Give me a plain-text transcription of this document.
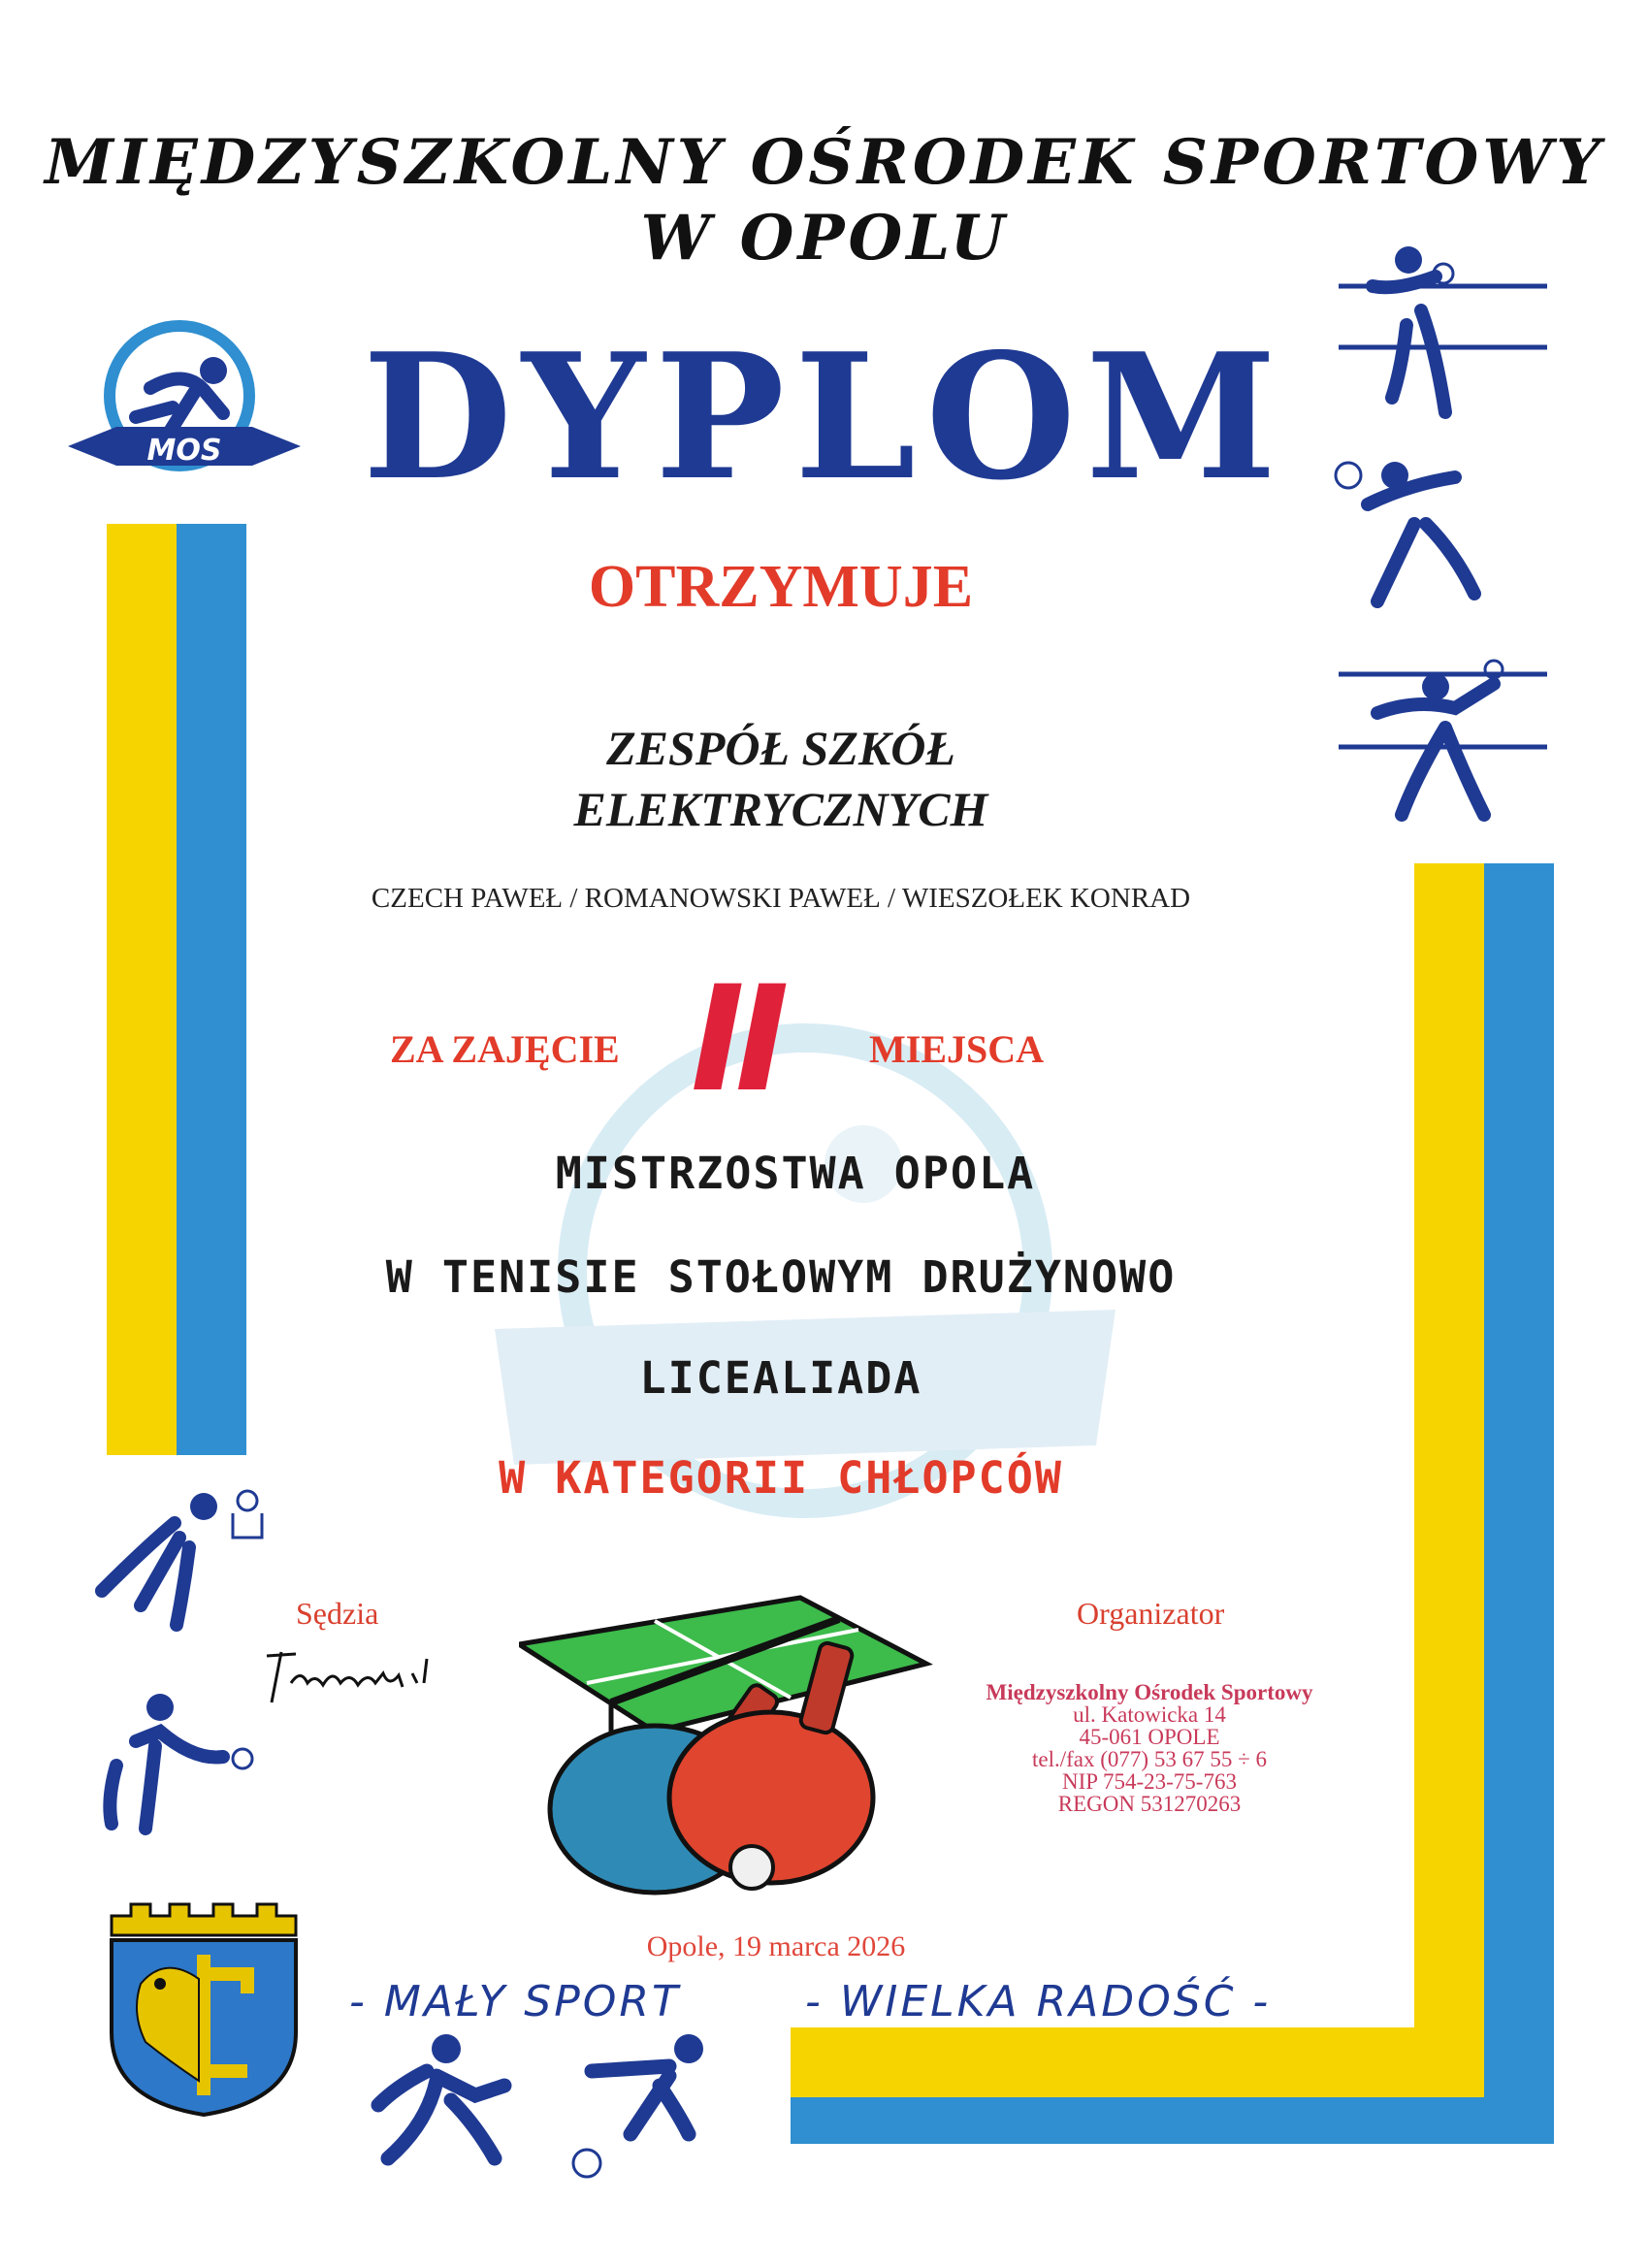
MIĘDZYSZKOLNY OŚRODEK SPORTOWY
W OPOLU
MOS DYPLOM
OTRZYMUJE
ZESPÓŁ SZKÓŁ
ELEKTRYCZNYCH
CZECH PAWEŁ / ROMANOWSKI PAWEŁ / WIESZOŁEK KONRAD
ZA ZAJĘCIE II MIEJSCA
MISTRZOSTWA OPOLA
W TENISIE STOŁOWYM DRUŻYNOWO
LICEALIADA
W KATEGORII CHŁOPCÓW
Sędzia	Organizator
Międzyszkolny Ośrodek Sportowy
ul. Katowicka 14
45-061 OPOLE
tel./fax (077) 53 67 55 ÷ 6
NIP 754-23-75-763
REGON 531270263
Opole, 19 marca 2026
- MAŁY SPORT	- WIELKA RADOŚĆ -
